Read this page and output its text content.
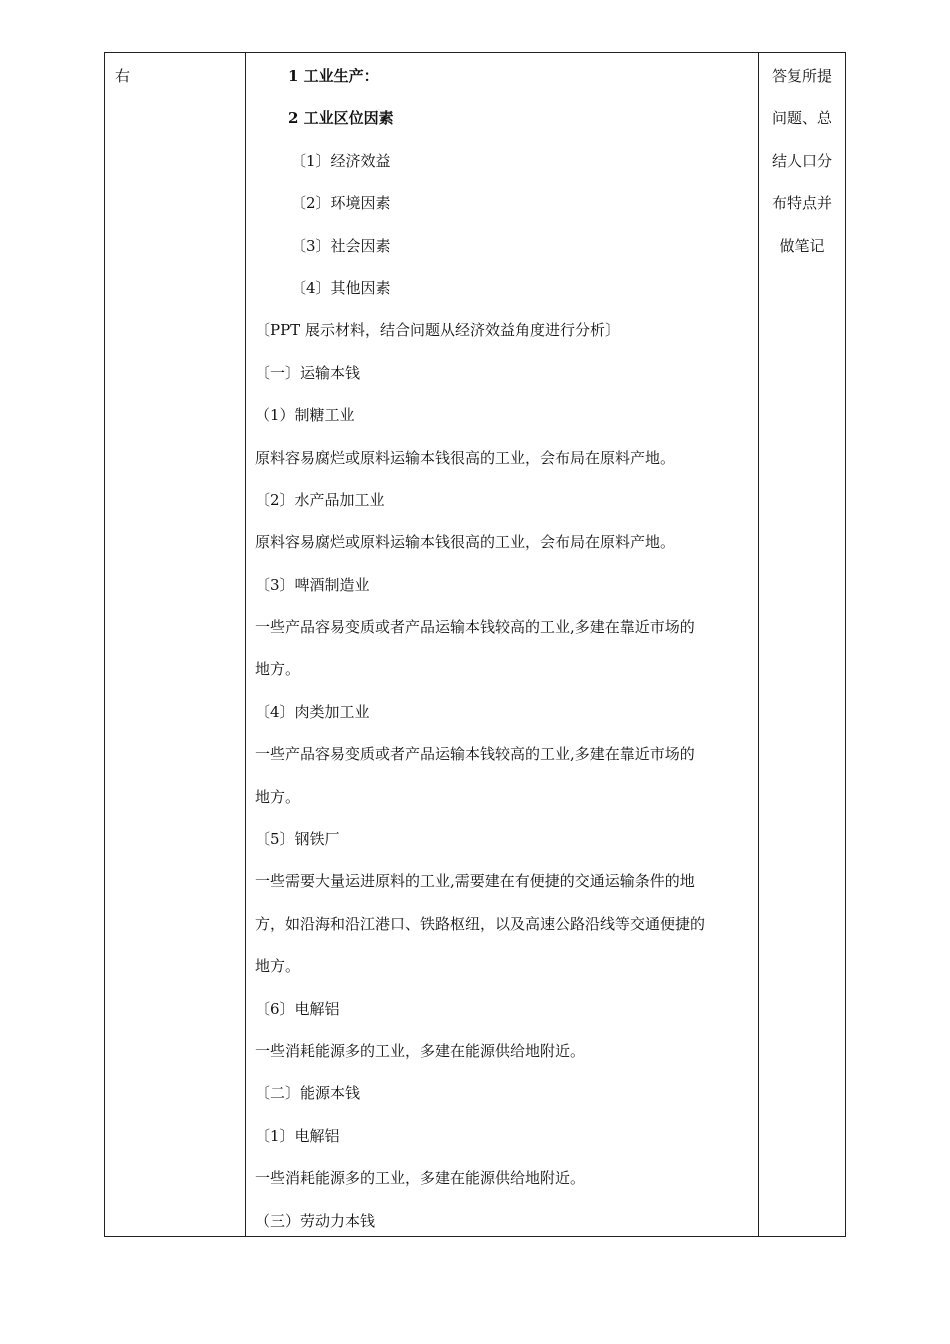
右	1 工业生产：
2 工业区位因素
〔1〕经济效益
〔2〕环境因素
〔3〕社会因素
〔4〕其他因素
〔PPT 展示材料，结合问题从经济效益角度进行分析〕
〔一〕运输本钱
（1）制糖工业
原料容易腐烂或原料运输本钱很高的工业，会布局在原料产地。
〔2〕水产品加工业
原料容易腐烂或原料运输本钱很高的工业，会布局在原料产地。
〔3〕啤酒制造业
一些产品容易变质或者产品运输本钱较高的工业,多建在靠近市场的
地方。
〔4〕肉类加工业
一些产品容易变质或者产品运输本钱较高的工业,多建在靠近市场的
地方。
〔5〕钢铁厂
一些需要大量运进原料的工业,需要建在有便捷的交通运输条件的地
方，如沿海和沿江港口、铁路枢纽，以及高速公路沿线等交通便捷的
地方。
〔6〕电解铝
一些消耗能源多的工业，多建在能源供给地附近。
〔二〕能源本钱
〔1〕电解铝
一些消耗能源多的工业，多建在能源供给地附近。
（三）劳动力本钱
答复所提
问题、总
结人口分
布特点并
做笔记
